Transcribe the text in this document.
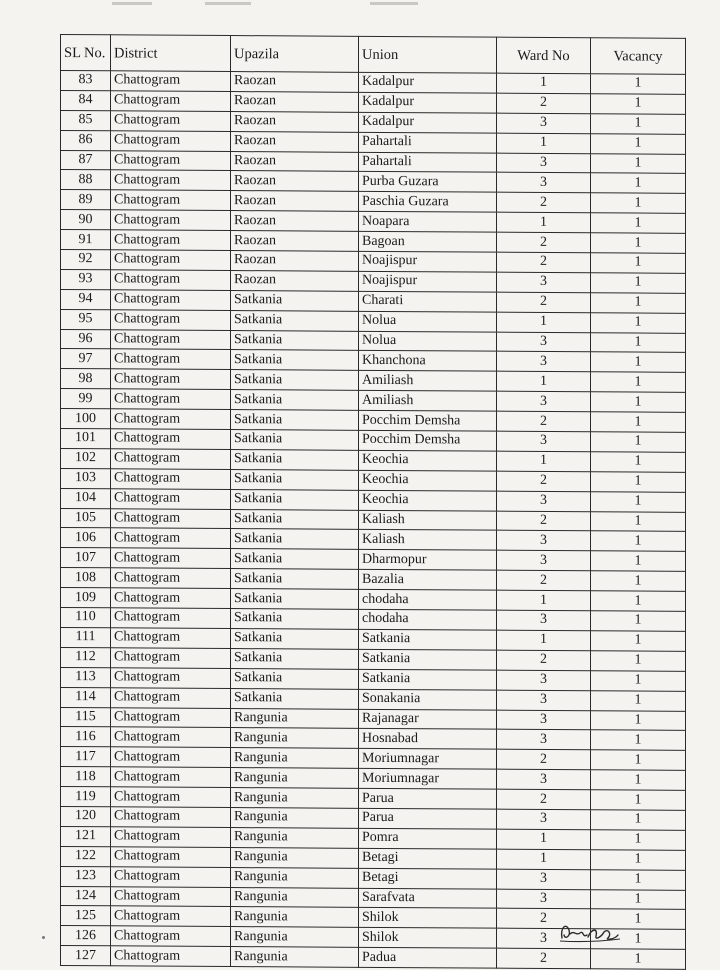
SL No.	District	Upazila	Union	Ward No	Vacancy
83	Chattogram	Raozan	Kadalpur	1	1
84	Chattogram	Raozan	Kadalpur	2	1
85	Chattogram	Raozan	Kadalpur	3	1
86	Chattogram	Raozan	Pahartali	1	1
87	Chattogram	Raozan	Pahartali	3	1
88	Chattogram	Raozan	Purba Guzara	3	1
89	Chattogram	Raozan	Paschia Guzara	2	1
90	Chattogram	Raozan	Noapara	1	1
91	Chattogram	Raozan	Bagoan	2	1
92	Chattogram	Raozan	Noajispur	2	1
93	Chattogram	Raozan	Noajispur	3	1
94	Chattogram	Satkania	Charati	2	1
95	Chattogram	Satkania	Nolua	1	1
96	Chattogram	Satkania	Nolua	3	1
97	Chattogram	Satkania	Khanchona	3	1
98	Chattogram	Satkania	Amiliash	1	1
99	Chattogram	Satkania	Amiliash	3	1
100	Chattogram	Satkania	Pocchim Demsha	2	1
101	Chattogram	Satkania	Pocchim Demsha	3	1
102	Chattogram	Satkania	Keochia	1	1
103	Chattogram	Satkania	Keochia	2	1
104	Chattogram	Satkania	Keochia	3	1
105	Chattogram	Satkania	Kaliash	2	1
106	Chattogram	Satkania	Kaliash	3	1
107	Chattogram	Satkania	Dharmopur	3	1
108	Chattogram	Satkania	Bazalia	2	1
109	Chattogram	Satkania	chodaha	1	1
110	Chattogram	Satkania	chodaha	3	1
111	Chattogram	Satkania	Satkania	1	1
112	Chattogram	Satkania	Satkania	2	1
113	Chattogram	Satkania	Satkania	3	1
114	Chattogram	Satkania	Sonakania	3	1
115	Chattogram	Rangunia	Rajanagar	3	1
116	Chattogram	Rangunia	Hosnabad	3	1
117	Chattogram	Rangunia	Moriumnagar	2	1
118	Chattogram	Rangunia	Moriumnagar	3	1
119	Chattogram	Rangunia	Parua	2	1
120	Chattogram	Rangunia	Parua	3	1
121	Chattogram	Rangunia	Pomra	1	1
122	Chattogram	Rangunia	Betagi	1	1
123	Chattogram	Rangunia	Betagi	3	1
124	Chattogram	Rangunia	Sarafvata	3	1
125	Chattogram	Rangunia	Shilok	2	1
126	Chattogram	Rangunia	Shilok	3	1
127	Chattogram	Rangunia	Padua	2	1
